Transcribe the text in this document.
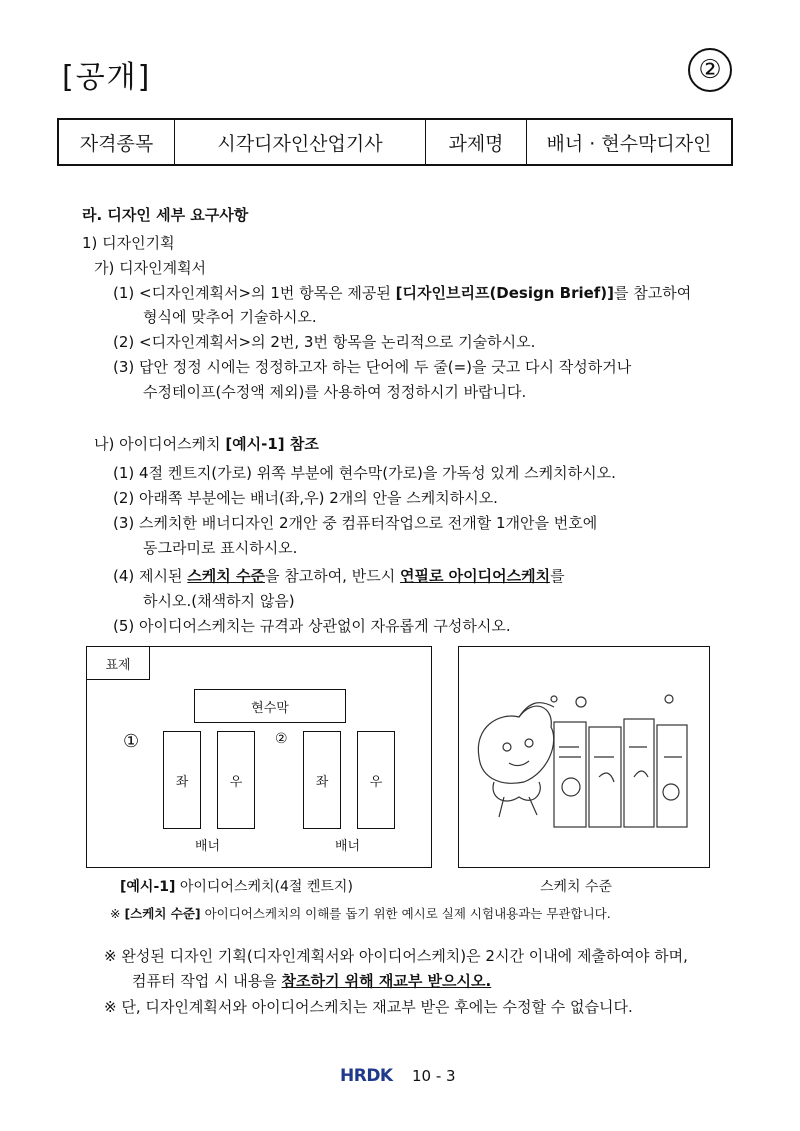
[공개]	②
자격종목	시각디자인산업기사	과제명	배너 · 현수막디자인
라. 디자인 세부 요구사항
1) 디자인기획
가) 디자인계획서
(1) <디자인계획서>의 1번 항목은 제공된 [디자인브리프(Design Brief)]를 참고하여
형식에 맞추어 기술하시오.
(2) <디자인계획서>의 2번, 3번 항목을 논리적으로 기술하시오.
(3) 답안 정정 시에는 정정하고자 하는 단어에 두 줄(=)을 긋고 다시 작성하거나
수정테이프(수정액 제외)를 사용하여 정정하시기 바랍니다.
나) 아이디어스케치 [예시-1] 참조
(1) 4절 켄트지(가로) 위쪽 부분에 현수막(가로)을 가독성 있게 스케치하시오.
(2) 아래쪽 부분에는 배너(좌,우) 2개의 안을 스케치하시오.
(3) 스케치한 배너디자인 2개안 중 컴퓨터작업으로 전개할 1개안을 번호에
동그라미로 표시하시오.
(4) 제시된 스케치 수준을 참고하여, 반드시 연필로 아이디어스케치를
하시오.(채색하지 않음)
(5) 아이디어스케치는 규격과 상관없이 자유롭게 구성하시오.
표제
현수막
①	②
좌	우	좌	우
배너	배너
[예시-1] 아이디어스케치(4절 켄트지)	스케치 수준
※ [스케치 수준] 아이디어스케치의 이해를 돕기 위한 예시로 실제 시험내용과는 무관합니다.
※ 완성된 디자인 기획(디자인계획서와 아이디어스케치)은 2시간 이내에 제출하여야 하며,
컴퓨터 작업 시 내용을 참조하기 위해 재교부 받으시오.
※ 단, 디자인계획서와 아이디어스케치는 재교부 받은 후에는 수정할 수 없습니다.
HRDK 10 - 3
